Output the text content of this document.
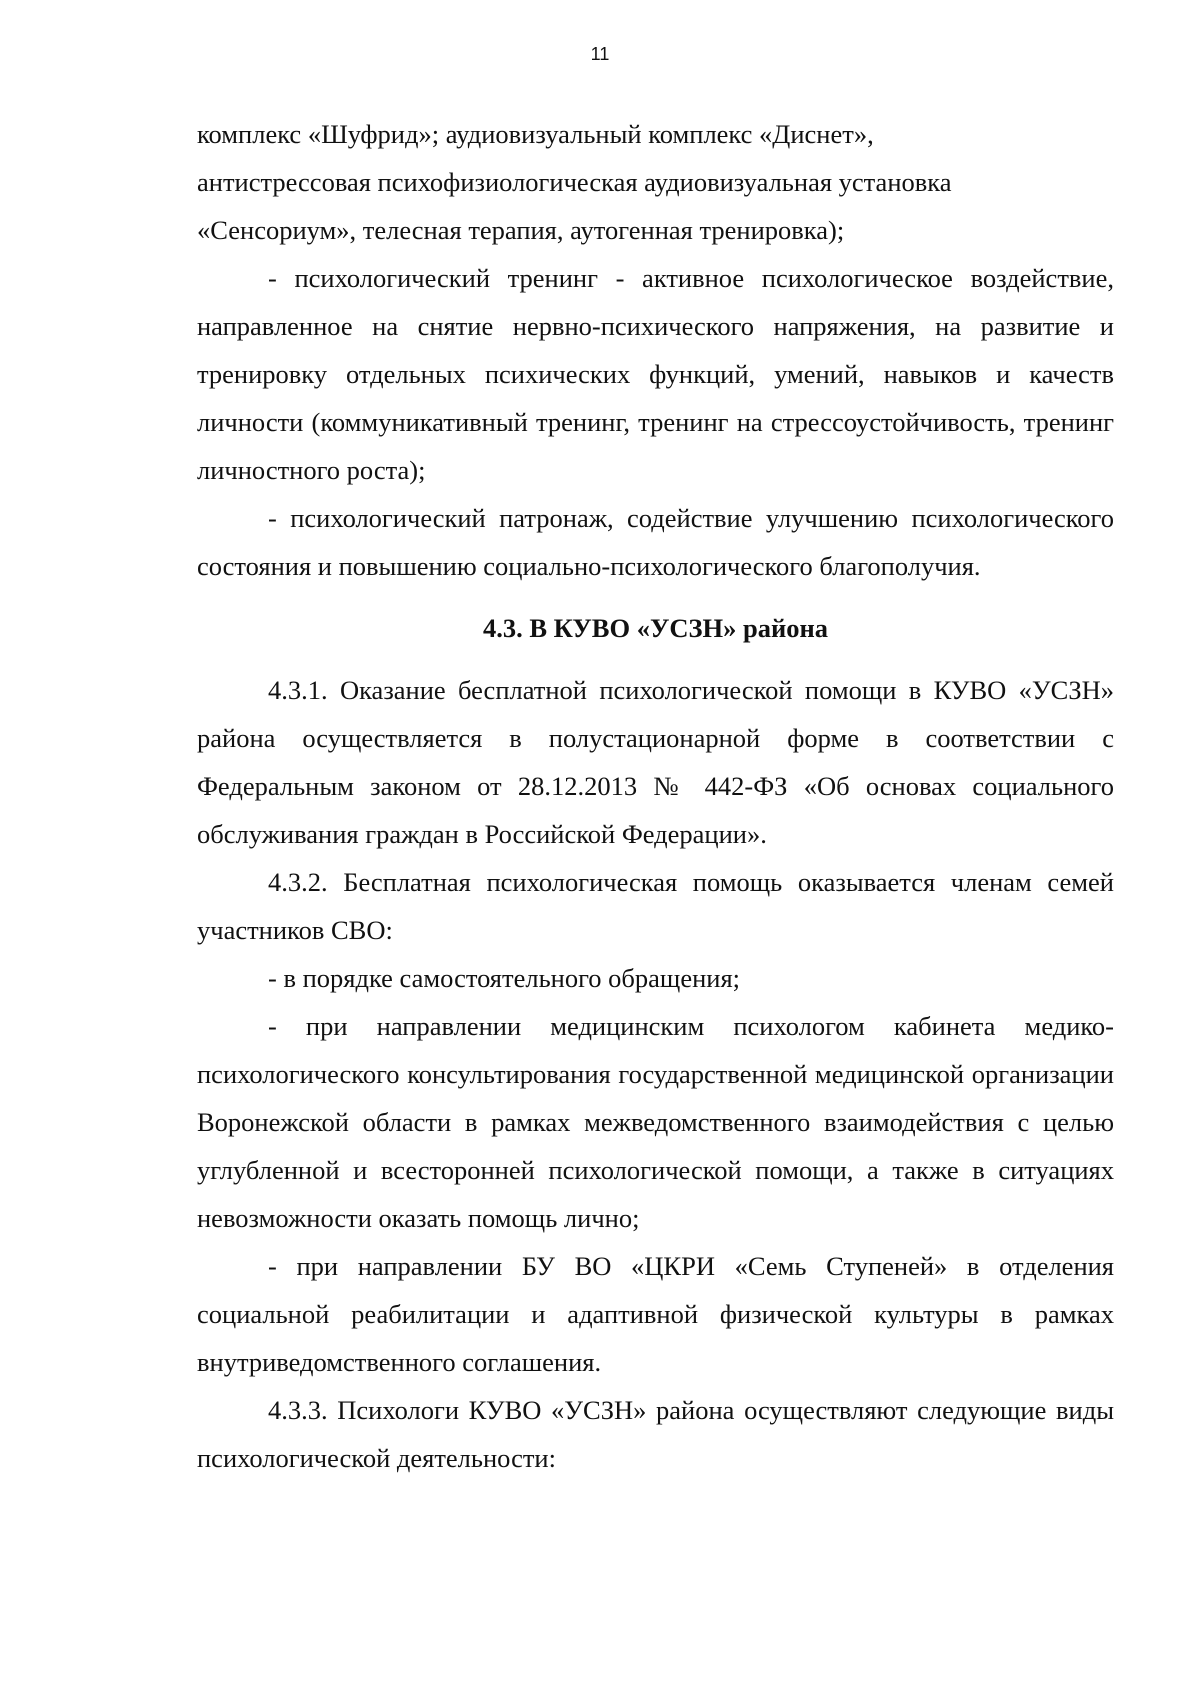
11

комплекс «Шуфрид»; аудиовизуальный комплекс «Диснет»,

антистрессовая психофизиологическая аудиовизуальная установка

«Сенсориум», телесная терапия, аутогенная тренировка);

- психологический тренинг - активное психологическое воздействие, направленное на снятие нервно-психического напряжения, на развитие и тренировку отдельных психических функций, умений, навыков и качеств личности (коммуникативный тренинг, тренинг на стрессоустойчивость, тренинг личностного роста);

- психологический патронаж, содействие улучшению психологического состояния и повышению социально-психологического благополучия.

4.3. В КУВО «УСЗН» района

4.3.1. Оказание бесплатной психологической помощи в КУВО «УСЗН» района осуществляется в полустационарной форме в соответствии с Федеральным законом от 28.12.2013 № 442-ФЗ «Об основах социального обслуживания граждан в Российской Федерации».

4.3.2. Бесплатная психологическая помощь оказывается членам семей участников СВО:

- в порядке самостоятельного обращения;

- при направлении медицинским психологом кабинета медико-психологического консультирования государственной медицинской организации Воронежской области в рамках межведомственного взаимодействия с целью углубленной и всесторонней психологической помощи, а также в ситуациях невозможности оказать помощь лично;

- при направлении БУ ВО «ЦКРИ «Семь Ступеней» в отделения социальной реабилитации и адаптивной физической культуры в рамках внутриведомственного соглашения.

4.3.3. Психологи КУВО «УСЗН» района осуществляют следующие виды психологической деятельности:
